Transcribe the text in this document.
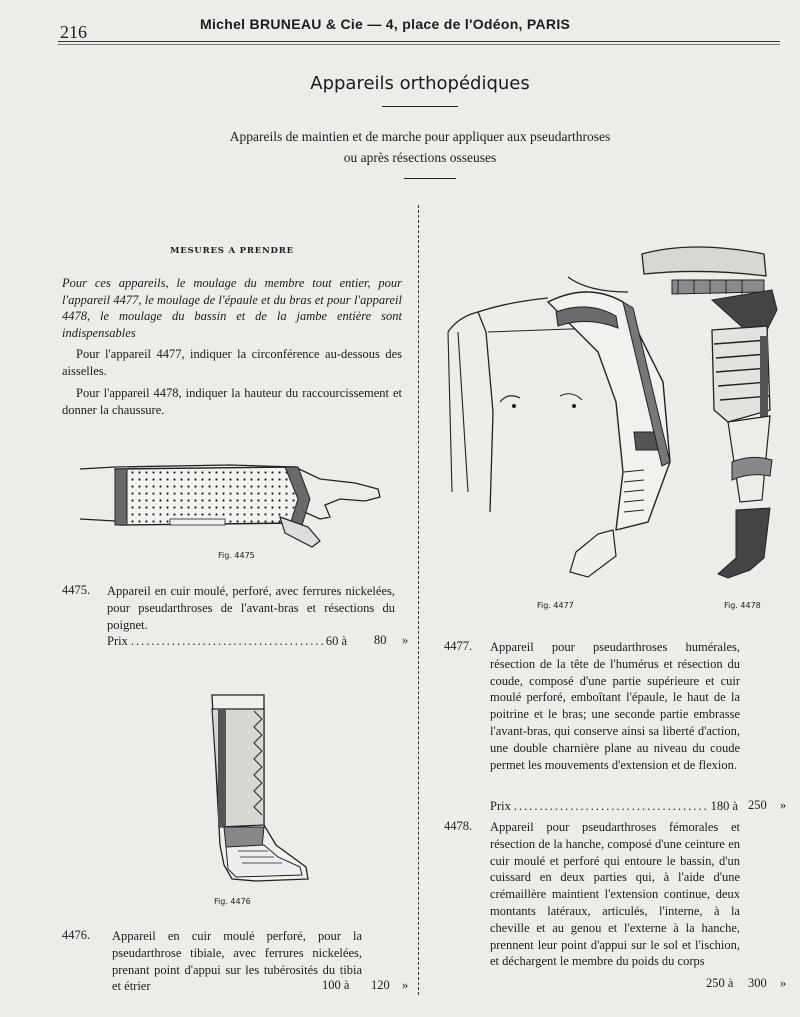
216	Michel BRUNEAU & Cie — 4, place de l'Odéon, PARIS
Appareils orthopédiques
Appareils de maintien et de marche pour appliquer aux pseudarthroses
ou après résections osseuses
MESURES A PRENDRE
Pour ces appareils, le moulage du membre tout entier, pour l'appareil 4477, le moulage de l'épaule et du bras et pour l'appareil 4478, le moulage du bassin et de la jambe entière sont indispensables
Pour l'appareil 4477, indiquer la circonférence au-dessous des aisselles.
Pour l'appareil 4478, indiquer la hauteur du raccourcissement et donner la chaussure.
Fig. 4475
4475. Appareil en cuir moulé, perforé, avec ferrures nickelées, pour pseudarthroses de l'avant-bras et résections du poignet.
Prix .....	60 à 80 »
Fig. 4476
4476. Appareil en cuir moulé perforé, pour la pseudarthrose tibiale, avec ferrures nickelées, prenant point d'appui sur les tubérosités du tibia et étrier	100 à 120 »
Fig. 4477	Fig. 4478
4477. Appareil pour pseudarthroses humérales, résection de la tête de l'humérus et résection du coude, composé d'une partie supérieure et cuir moulé perforé, emboîtant l'épaule, le haut de la poitrine et le bras; une seconde partie embrasse l'avant-bras, qui conserve ainsi sa liberté d'action, une double charnière plane au niveau du coude permet les mouvements d'extension et de flexion.
Prix .....	180 à 250 »
4478. Appareil pour pseudarthroses fémorales et résection de la hanche, composé d'une ceinture en cuir moulé et perforé qui entoure le bassin, d'un cuissard en deux parties qui, à l'aide d'une crémaillère maintient l'extension continue, deux montants latéraux, articulés, l'interne, à la cheville et au genou et l'externe à la hanche, prennent leur point d'appui sur le sol et l'ischion, et déchargent le membre du poids du corps
250 à 300 »
